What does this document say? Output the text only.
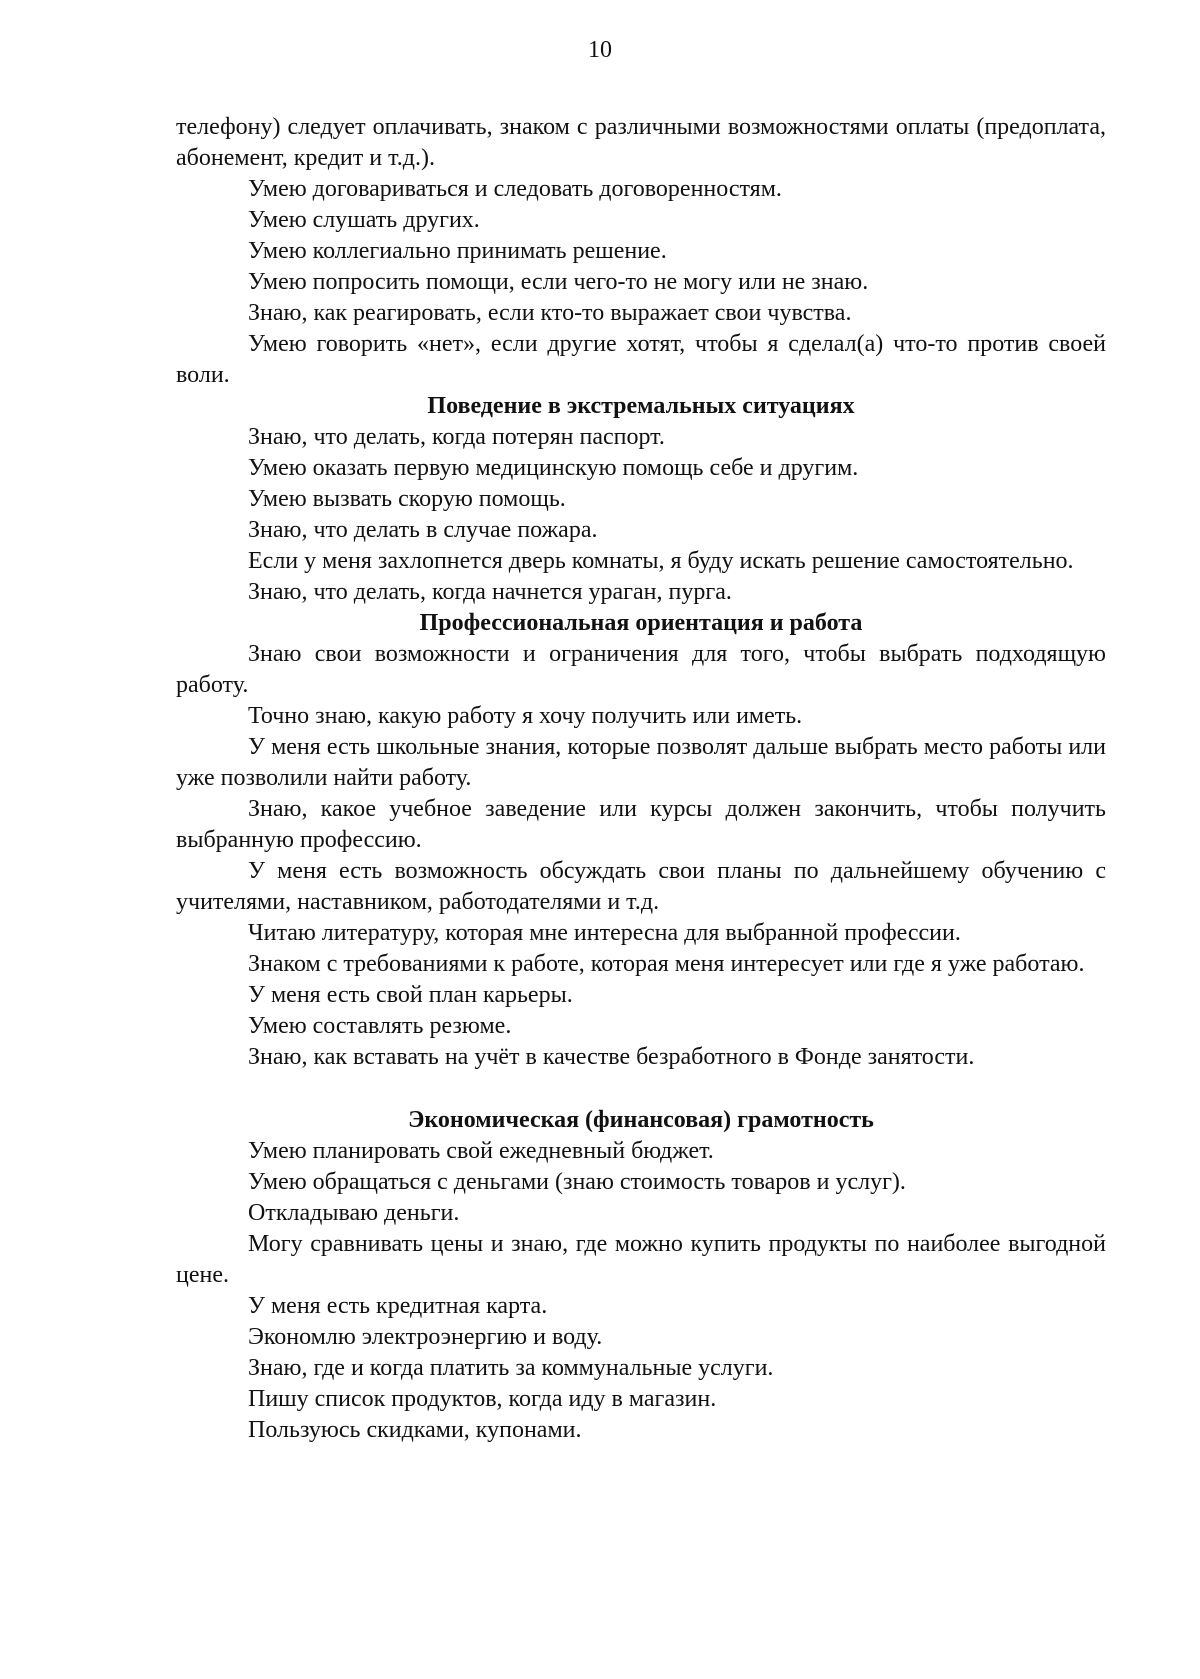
10

телефону) следует оплачивать, знаком с различными возможностями оплаты (предоплата, абонемент, кредит и т.д.).

Умею договариваться и следовать договоренностям.

Умею слушать других.

Умею коллегиально принимать решение.

Умею попросить помощи, если чего-то не могу или не знаю.

Знаю, как реагировать, если кто-то выражает свои чувства.

Умею говорить «нет», если другие хотят, чтобы я сделал(а) что-то против своей воли.

Поведение в экстремальных ситуациях

Знаю, что делать, когда потерян паспорт.

Умею оказать первую медицинскую помощь себе и другим.

Умею вызвать скорую помощь.

Знаю, что делать в случае пожара.

Если у меня захлопнется дверь комнаты, я буду искать решение самостоятельно.

Знаю, что делать, когда начнется ураган, пурга.

Профессиональная ориентация и работа

Знаю свои возможности и ограничения для того, чтобы выбрать подходящую работу.

Точно знаю, какую работу я хочу получить или иметь.

У меня есть школьные знания, которые позволят дальше выбрать место работы или уже позволили найти работу.

Знаю, какое учебное заведение или курсы должен закончить, чтобы получить выбранную профессию.

У меня есть возможность обсуждать свои планы по дальнейшему обучению с учителями, наставником, работодателями и т.д.

Читаю литературу, которая мне интересна для выбранной профессии.

Знаком с требованиями к работе, которая меня интересует или где я уже работаю.

У меня есть свой план карьеры.

Умею составлять резюме.

Знаю, как вставать на учёт в качестве безработного в Фонде занятости.

Экономическая (финансовая) грамотность

Умею планировать свой ежедневный бюджет.

Умею обращаться с деньгами (знаю стоимость товаров и услуг).

Откладываю деньги.

Могу сравнивать цены и знаю, где можно купить продукты по наиболее выгодной цене.

У меня есть кредитная карта.

Экономлю электроэнергию и воду.

Знаю, где и когда платить за коммунальные услуги.

Пишу список продуктов, когда иду в магазин.

Пользуюсь скидками, купонами.
